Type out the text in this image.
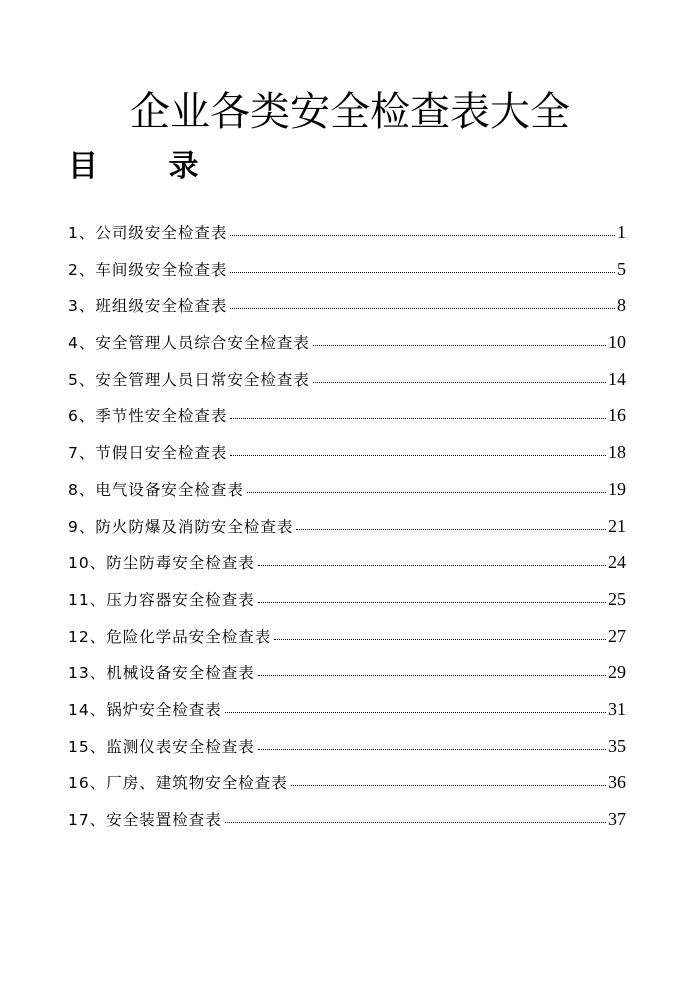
企业各类安全检查表大全
目 录
1、公司级安全检查表	1
2、车间级安全检查表	5
3、班组级安全检查表	8
4、安全管理人员综合安全检查表	10
5、安全管理人员日常安全检查表	14
6、季节性安全检查表	16
7、节假日安全检查表	18
8、电气设备安全检查表	19
9、防火防爆及消防安全检查表	21
10、防尘防毒安全检查表	24
11、压力容器安全检查表	25
12、危险化学品安全检查表	27
13、机械设备安全检查表	29
14、锅炉安全检查表	31
15、监测仪表安全检查表	35
16、厂房、建筑物安全检查表	36
17、安全装置检查表	37
